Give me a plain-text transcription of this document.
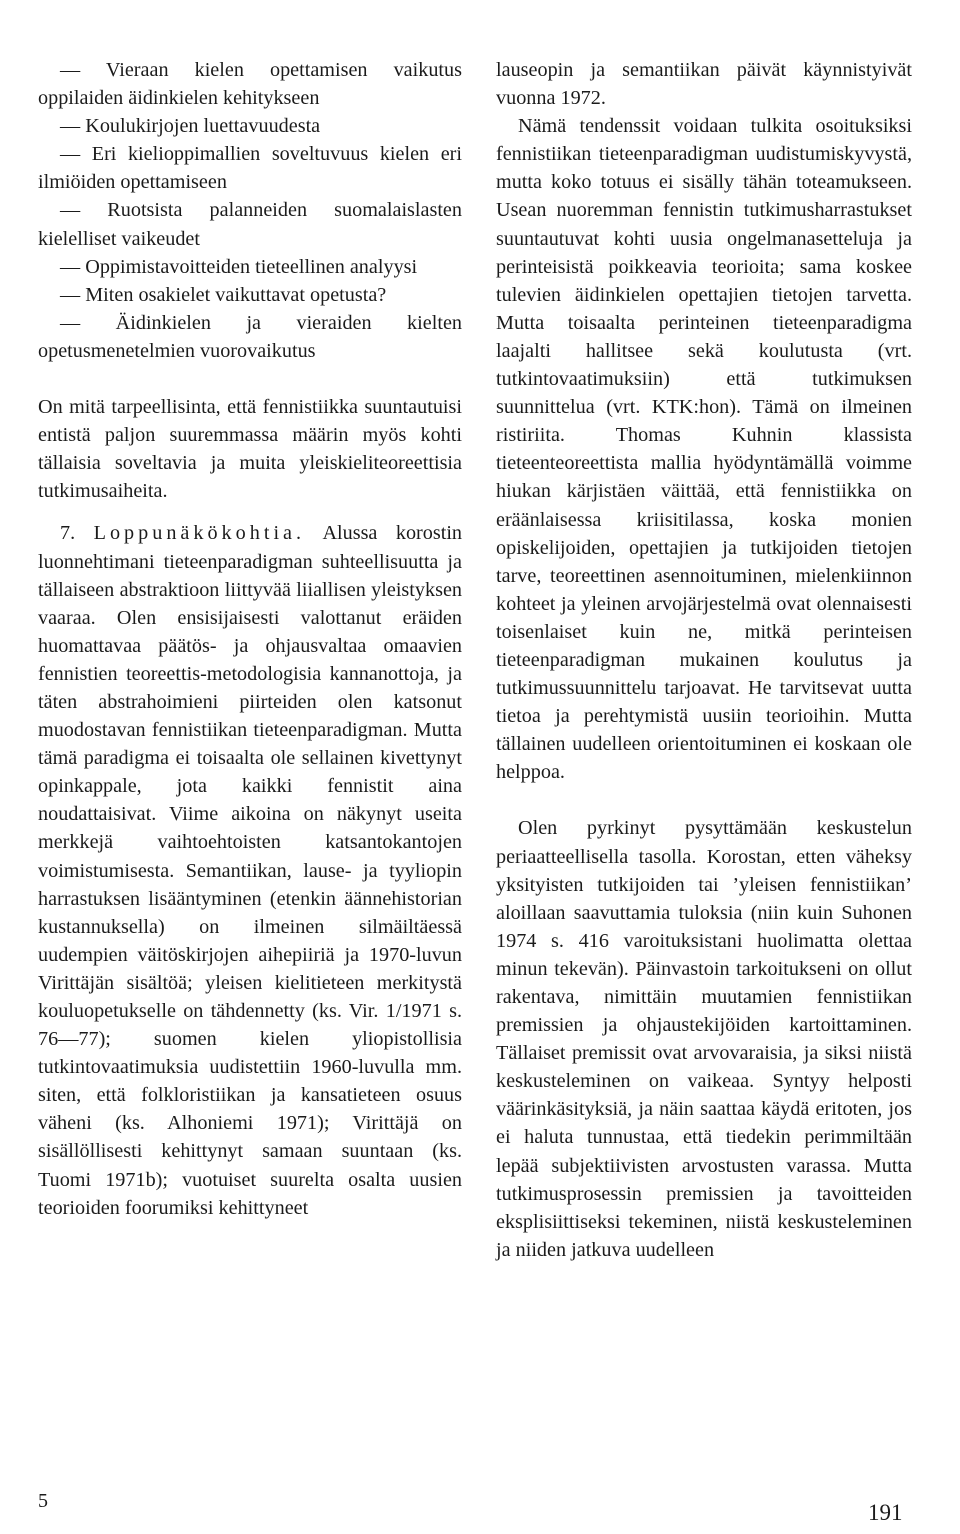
— Vieraan kielen opettamisen vaikutus oppilaiden äidinkielen kehitykseen

— Koulukirjojen luettavuudesta

— Eri kielioppimallien soveltuvuus kielen eri ilmiöiden opettamiseen

— Ruotsista palanneiden suomalaislasten kielelliset vaikeudet

— Oppimistavoitteiden tieteellinen analyysi

— Miten osakielet vaikuttavat opetusta?

— Äidinkielen ja vieraiden kielten opetusmenetelmien vuorovaikutus

On mitä tarpeellisinta, että fennistiikka suuntautuisi entistä paljon suuremmassa määrin myös kohti tällaisia soveltavia ja muita yleiskieliteoreettisia tutkimusaiheita.

7. Loppunäkökohtia. Alussa korostin luonnehtimani tieteenparadigman suhteellisuutta ja tällaiseen abstraktioon liittyvää liiallisen yleistyksen vaaraa. Olen ensisijaisesti valottanut eräiden huomattavaa päätös- ja ohjausvaltaa omaavien fennistien teoreettis-metodologisia kannanottoja, ja täten abstrahoimieni piirteiden olen katsonut muodostavan fennistiikan tieteenparadigman. Mutta tämä paradigma ei toisaalta ole sellainen kivettynyt opinkappale, jota kaikki fennistit aina noudattaisivat. Viime aikoina on näkynyt useita merkkejä vaihtoehtoisten katsantokantojen voimistumisesta. Semantiikan, lause- ja tyyliopin harrastuksen lisääntyminen (etenkin äännehistorian kustannuksella) on ilmeinen silmäiltäessä uudempien väitöskirjojen aihepiiriä ja 1970-luvun Virittäjän sisältöä; yleisen kielitieteen merkitystä kouluopetukselle on tähdennetty (ks. Vir. 1/1971 s. 76—77); suomen kielen yliopistollisia tutkintovaatimuksia uudistettiin 1960-luvulla mm. siten, että folkloristiikan ja kansatieteen osuus väheni (ks. Alhoniemi 1971); Virittäjä on sisällöllisesti kehittynyt samaan suuntaan (ks. Tuomi 1971b); vuotuiset suurelta osalta uusien teorioiden foorumiksi kehittyneet

lauseopin ja semantiikan päivät käynnistyivät vuonna 1972.

Nämä tendenssit voidaan tulkita osoituksiksi fennistiikan tieteenparadigman uudistumiskyvystä, mutta koko totuus ei sisälly tähän toteamukseen. Usean nuoremman fennistin tutkimusharrastukset suuntautuvat kohti uusia ongelmanasetteluja ja perinteisistä poikkeavia teorioita; sama koskee tulevien äidinkielen opettajien tietojen tarvetta. Mutta toisaalta perinteinen tieteenparadigma laajalti hallitsee sekä koulutusta (vrt. tutkintovaatimuksiin) että tutkimuksen suunnittelua (vrt. KTK:hon). Tämä on ilmeinen ristiriita. Thomas Kuhnin klassista tieteenteoreettista mallia hyödyntämällä voimme hiukan kärjistäen väittää, että fennistiikka on eräänlaisessa kriisitilassa, koska monien opiskelijoiden, opettajien ja tutkijoiden tietojen tarve, teoreettinen asennoituminen, mielenkiinnon kohteet ja yleinen arvojärjestelmä ovat olennaisesti toisenlaiset kuin ne, mitkä perinteisen tieteenparadigman mukainen koulutus ja tutkimussuunnittelu tarjoavat. He tarvitsevat uutta tietoa ja perehtymistä uusiin teorioihin. Mutta tällainen uudelleen orientoituminen ei koskaan ole helppoa.

Olen pyrkinyt pysyttämään keskustelun periaatteellisella tasolla. Korostan, etten väheksy yksityisten tutkijoiden tai ’yleisen fennistiikan’ aloillaan saavuttamia tuloksia (niin kuin Suhonen 1974 s. 416 varoituksistani huolimatta olettaa minun tekevän). Päinvastoin tarkoitukseni on ollut rakentava, nimittäin muutamien fennistiikan premissien ja ohjaustekijöiden kartoittaminen. Tällaiset premissit ovat arvovaraisia, ja siksi niistä keskusteleminen on vaikeaa. Syntyy helposti väärinkäsityksiä, ja näin saattaa käydä eritoten, jos ei haluta tunnustaa, että tiedekin perimmiltään lepää subjektiivisten arvostusten varassa. Mutta tutkimusprosessin premissien ja tavoitteiden eksplisiittiseksi tekeminen, niistä keskusteleminen ja niiden jatkuva uudelleen

5	191
